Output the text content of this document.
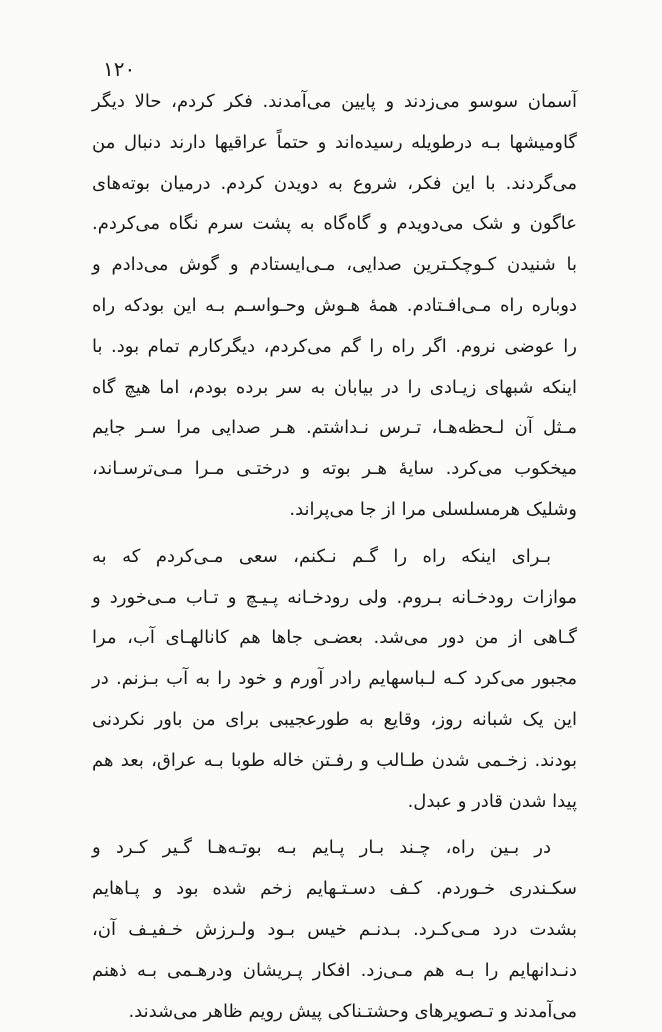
۱۲۰
آسمان سوسو می‌زدند و پایین می‌آمدند. فکر کردم، حالا دیگر
گاومیشها بـه درطویله رسیده‌اند و حتماً عراقیها دارند دنبال من
می‌گردند. با این فکر، شروع به دویدن کردم. درمیان بوته‌های
عاگون و شک می‌دویدم و گاه‌گاه به پشت سرم نگاه می‌کردم.
با شنیدن کـوچکـترین صدایی، مـی‌ایستادم و گوش می‌دادم و
دوباره راه مـی‌افـتادم. همهٔ هـوش وحـواسـم بـه این بودکه راه
را عوضی نروم. اگر راه را گم می‌کردم، دیگرکارم تمام بود. با
اینکه شبهای زیـادی را در بیابان به سر برده بودم، اما هیچ گاه
مـثل آن لـحظه‌هـا، تـرس نـداشتم. هـر صدایی مرا سـر جایم
میخکوب می‌کرد. سایهٔ هـر بوته و درختـی مـرا مـی‌ترسـاند،
وشلیک هرمسلسلی مرا از جا می‌پراند.
بـرای اینکه راه را گـم نـکنم، سعی مـی‌کردم که به
موازات رودخـانه بـروم. ولی رودخـانه پـیـچ و تـاب مـی‌خورد و
گـاهی از من دور می‌شد. بعضـی جاها هم کانالهـای آب، مرا
مجبور می‌کرد کـه لـباسهایم رادر آورم و خود را به آب بـزنم. در
این یک شبانه روز، وقایع به طورعجیبی برای من باور نکردنی
بودند. زخـمی شدن طـالب و رفـتن خاله طوبا بـه عراق، بعد هم
پیدا شدن قادر و عبدل.
در بـین راه، چـند بـار پـایم بـه بوتـه‌هـا گـیر کـرد و
سکـندری خـوردم. کـف دسـتـهایم زخم شده بود و پـاهایم
بشدت درد مـی‌کـرد. بـدنـم خیس بـود ولـرزش خـفیـف آن،
دنـدانهایم را بـه هم مـی‌زد. افکار پـریشان ودرهـمی بـه ذهنم
می‌آمدند و تـصویرهای وحشتـناکی پیش رویم ظاهر می‌شدند.
